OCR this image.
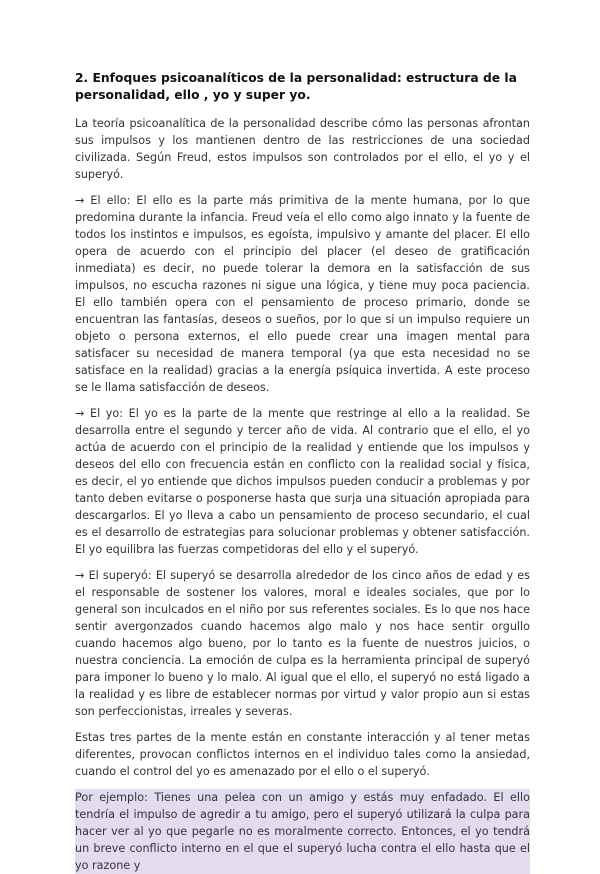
2. Enfoques psicoanalíticos de la personalidad: estructura de la personalidad, ello , yo y super yo.

La teoría psicoanalítica de la personalidad describe cómo las personas afrontan sus impulsos y los mantienen dentro de las restricciones de una sociedad civilizada. Según Freud, estos impulsos son controlados por el ello, el yo y el superyó.

→ El ello: El ello es la parte más primitiva de la mente humana, por lo que predomina durante la infancia. Freud veía el ello como algo innato y la fuente de todos los instintos e impulsos, es egoísta, impulsivo y amante del placer. El ello opera de acuerdo con el principio del placer (el deseo de gratificación inmediata) es decir, no puede tolerar la demora en la satisfacción de sus impulsos, no escucha razones ni sigue una lógica, y tiene muy poca paciencia. El ello también opera con el pensamiento de proceso primario, donde se encuentran las fantasías, deseos o sueños, por lo que si un impulso requiere un objeto o persona externos, el ello puede crear una imagen mental para satisfacer su necesidad de manera temporal (ya que esta necesidad no se satisface en la realidad) gracias a la energía psíquica invertida. A este proceso se le llama satisfacción de deseos.

→ El yo: El yo es la parte de la mente que restringe al ello a la realidad. Se desarrolla entre el segundo y tercer año de vida. Al contrario que el ello, el yo actúa de acuerdo con el principio de la realidad y entiende que los impulsos y deseos del ello con frecuencia están en conflicto con la realidad social y física, es decir, el yo entiende que dichos impulsos pueden conducir a problemas y por tanto deben evitarse o posponerse hasta que surja una situación apropiada para descargarlos. El yo lleva a cabo un pensamiento de proceso secundario, el cual es el desarrollo de estrategias para solucionar problemas y obtener satisfacción. El yo equilibra las fuerzas competidoras del ello y el superyó.

→ El superyó: El superyó se desarrolla alrededor de los cinco años de edad y es el responsable de sostener los valores, moral e ideales sociales, que por lo general son inculcados en el niño por sus referentes sociales. Es lo que nos hace sentir avergonzados cuando hacemos algo malo y nos hace sentir orgullo cuando hacemos algo bueno, por lo tanto es la fuente de nuestros juicios, o nuestra conciencia. La emoción de culpa es la herramienta principal de superyó para imponer lo bueno y lo malo. Al igual que el ello, el superyó no está ligado a la realidad y es libre de establecer normas por virtud y valor propio aun si estas son perfeccionistas, irreales y severas.

Estas tres partes de la mente están en constante interacción y al tener metas diferentes, provocan conflictos internos en el individuo tales como la ansiedad, cuando el control del yo es amenazado por el ello o el superyó.

Por ejemplo: Tienes una pelea con un amigo y estás muy enfadado. El ello tendría el impulso de agredir a tu amigo, pero el superyó utilizará la culpa para hacer ver al yo que pegarle no es moralmente correcto. Entonces, el yo tendrá un breve conflicto interno en el que el superyó lucha contra el ello hasta que el yo razone y
